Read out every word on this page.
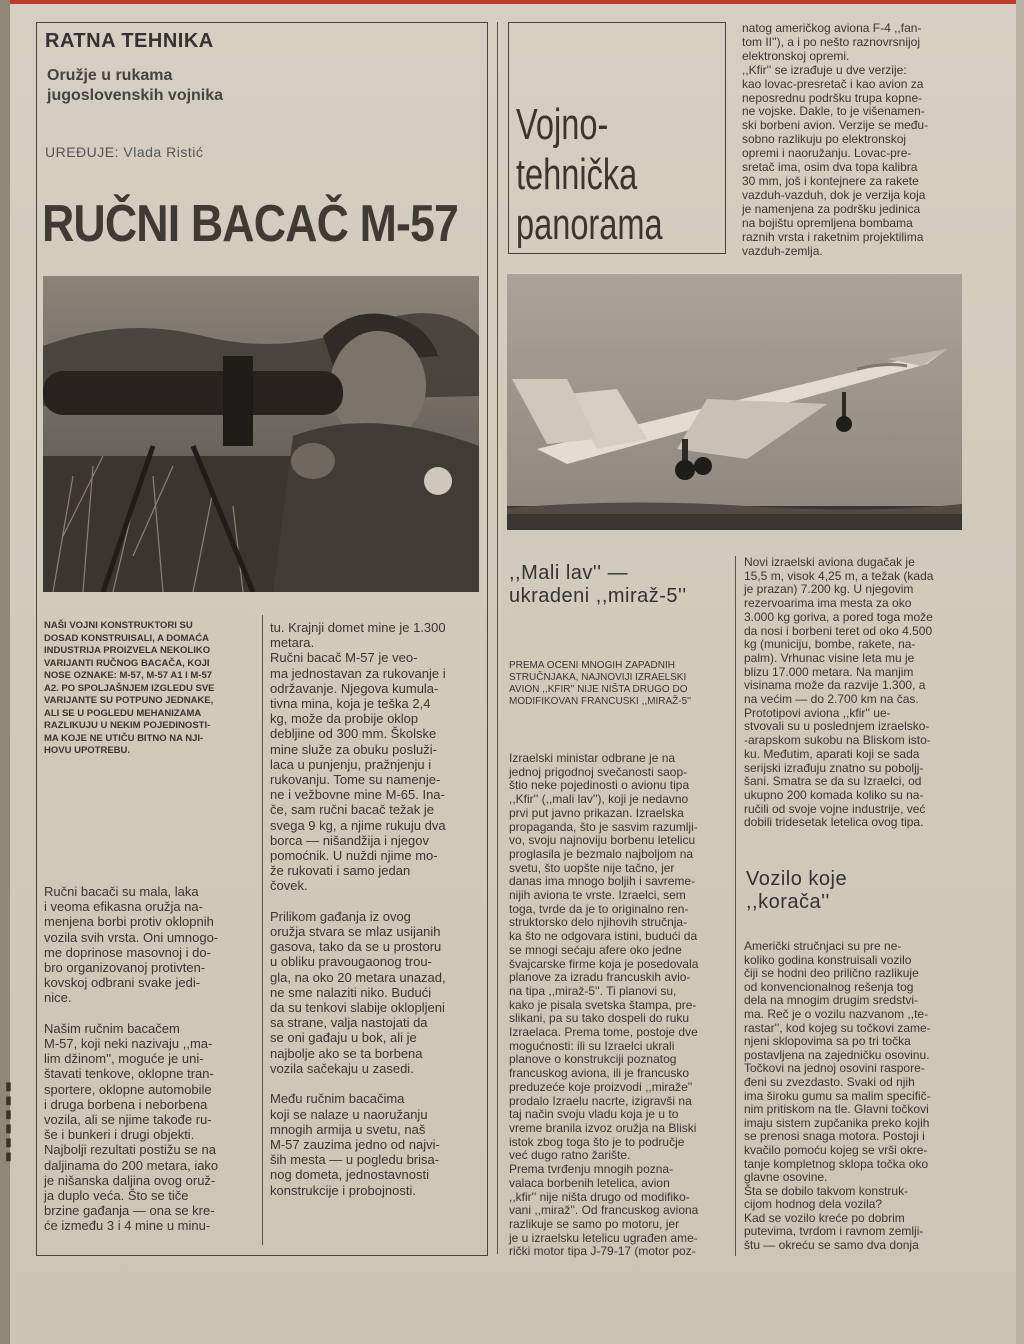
RATNA TEHNIKA
Oružje u rukama jugoslovenskih vojnika
UREĐUJE: Vlada Ristić
RUČNI BACAČ M-57
NAŠI VOJNI KONSTRUKTORI SU
DOSAD KONSTRUISALI, A DOMAĆA
INDUSTRIJA PROIZVELA NEKOLIKO
VARIJANTI RUČNOG BACAČA, KOJI
NOSE OZNAKE: M-57, M-57 A1 I M-57
A2. PO SPOLJAŠNJEM IZGLEDU SVE
VARIJANTE SU POTPUNO JEDNAKE,
ALI SE U POGLEDU MEHANIZAMA
RAZLIKUJU U NEKIM POJEDINOSTI-
MA KOJE NE UTIČU BITNO NA NJI-
HOVU UPOTREBU.
Ručni bacači su mala, laka
i veoma efikasna oružja na-
menjena borbi protiv oklopnih
vozila svih vrsta. Oni umnogo-
me doprinose masovnoj i do-
bro organizovanoj protivten-
kovskoj odbrani svake jedi-
nice.

Našim ručnim bacačem
M-57, koji neki nazivaju ,,ma-
lim džinom'', moguće je uni-
štavati tenkove, oklopne tran-
sportere, oklopne automobile
i druga borbena i neborbena
vozila, ali se njime takođe ru-
še i bunkeri i drugi objekti.
Najbolji rezultati postižu se na
daljinama do 200 metara, iako
je nišanska daljina ovog oruž-
ja duplo veća. Što se tiče
brzine gađanja — ona se kre-
će između 3 i 4 mine u minu-
tu. Krajnji domet mine je 1.300
metara.
Ručni bacač M-57 je veo-
ma jednostavan za rukovanje i
održavanje. Njegova kumula-
tivna mina, koja je teška 2,4
kg, može da probije oklop
debljine od 300 mm. Školske
mine služe za obuku posluži-
laca u punjenju, pražnjenju i
rukovanju. Tome su namenje-
ne i vežbovne mine M-65. Ina-
če, sam ručni bacač težak je
svega 9 kg, a njime rukuju dva
borca — nišandžija i njegov
pomoćnik. U nuždi njime mo-
že rukovati i samo jedan
čovek.

Prilikom gađanja iz ovog
oružja stvara se mlaz usijanih
gasova, tako da se u prostoru
u obliku pravougaonog trou-
gla, na oko 20 metara unazad,
ne sme nalaziti niko. Budući
da su tenkovi slabije oklopljeni
sa strane, valja nastojati da
se oni gađaju u bok, ali je
najbolje ako se ta borbena
vozila sačekaju u zasedi.

Među ručnim bacačima
koji se nalaze u naoružanju
mnogih armija u svetu, naš
M-57 zauzima jedno od najvi-
ših mesta — u pogledu brisa-
nog dometa, jednostavnosti
konstrukcije i probojnosti.
Vojno-
tehnička
panorama
natog američkog aviona F-4 ,,fan-
tom II''), a i po nešto raznovrsnijoj
elektronskoj opremi.
,,Kfir'' se izrađuje u dve verzije:
kao lovac-presretač i kao avion za
neposrednu podršku trupa kopne-
ne vojske. Dakle, to je višenamen-
ski borbeni avion. Verzije se među-
sobno razlikuju po elektronskoj
opremi i naoružanju. Lovac-pre-
sretač ima, osim dva topa kalibra
30 mm, još i kontejnere za rakete
vazduh-vazduh, dok je verzija koja
je namenjena za podršku jedinica
na bojištu opremljena bombama
raznih vrsta i raketnim projektilima
vazduh-zemlja.
,,Mali lav'' —
ukradeni ,,miraž-5''
PREMA OCENI MNOGIH ZAPADNIH
STRUČNJAKA, NAJNOVIJI IZRAELSKI
AVION ,,KFIR'' NIJE NIŠTA DRUGO DO
MODIFIKOVAN FRANCUSKI ,,MIRAŽ-5''
Izraelski ministar odbrane je na
jednoj prigodnoj svečanosti saop-
štio neke pojedinosti o avionu tipa
,,Kfir'' (,,mali lav''), koji je nedavno
prvi put javno prikazan. Izraelska
propaganda, što je sasvim razumlji-
vo, svoju najnoviju borbenu letelicu
proglasila je bezmalo najboljom na
svetu, što uopšte nije tačno, jer
danas ima mnogo boljih i savreme-
nijih aviona te vrste. Izraelci, sem
toga, tvrde da je to originalno ren-
struktorsko delo njihovih stručnja-
ka što ne odgovara istini, budući da
se mnogi sećaju afere oko jedne
švajcarske firme koja je posedovala
planove za izradu francuskih avio-
na tipa ,,miraž-5''. Ti planovi su,
kako je pisala svetska štampa, pre-
slikani, pa su tako dospeli do ruku
Izraelaca. Prema tome, postoje dve
mogućnosti: ili su Izraelci ukrali
planove o konstrukciji poznatog
francuskog aviona, ili je francusko
preduzeće koje proizvodi ,,miraže''
prodalo Izraelu nacrte, izigravši na
taj način svoju vladu koja je u to
vreme branila izvoz oružja na Bliski
istok zbog toga što je to područje
već dugo ratno žarište.
Prema tvrđenju mnogih pozna-
valaca borbenih letelica, avion
,,kfir'' nije ništa drugo od modifiko-
vani ,,miraž''. Od francuskog aviona
razlikuje se samo po motoru, jer
je u izraelsku letelicu ugrađen ame-
rički motor tipa J-79-17 (motor poz-
Novi izraelski aviona dugačak je
15,5 m, visok 4,25 m, a težak (kada
je prazan) 7.200 kg. U njegovim
rezervoarima ima mesta za oko
3.000 kg goriva, a pored toga može
da nosi i borbeni teret od oko 4.500
kg (municiju, bombe, rakete, na-
palm). Vrhunac visine leta mu je
blizu 17.000 metara. Na manjim
visinama može da razvije 1.300, a
na većim — do 2.700 km na čas.
Prototipovi aviona ,,kfir'' ue-
stvovali su u poslednjem izraelsko-
-arapskom sukobu na Bliskom isto-
ku. Međutim, aparati koji se sada
serijski izrađuju znatno su poboljj-
šani. Smatra se da su Izraelci, od
ukupno 200 komada koliko su na-
ručili od svoje vojne industrije, već
dobili tridesetak letelica ovog tipa.
Vozilo koje
,,korača''
Američki stručnjaci su pre ne-
koliko godina konstruisali vozilo
čiji se hodni deo prilično razlikuje
od konvencionalnog rešenja tog
dela na mnogim drugim sredstvi-
ma. Reč je o vozilu nazvanom ,,te-
rastar'', kod kojeg su točkovi zame-
njeni sklopovima sa po tri točka
postavljena na zajedničku osovinu.
Točkovi na jednoj osovini raspore-
đeni su zvezdasto. Svaki od njih
ima široku gumu sa malim specifič-
nim pritiskom na tle. Glavni točkovi
imaju sistem zupčanika preko kojih
se prenosi snaga motora. Postoji i
kvačilo pomoću kojeg se vrši okre-
tanje kompletnog sklopa točka oko
glavne osovine.
Šta se dobilo takvom konstruk-
cijom hodnog dela vozila?
Kad se vozilo kreće po dobrim
putevima, tvrdom i ravnom zemlji-
štu — okreću se samo dva donja
▮▮▮▮▮▮
